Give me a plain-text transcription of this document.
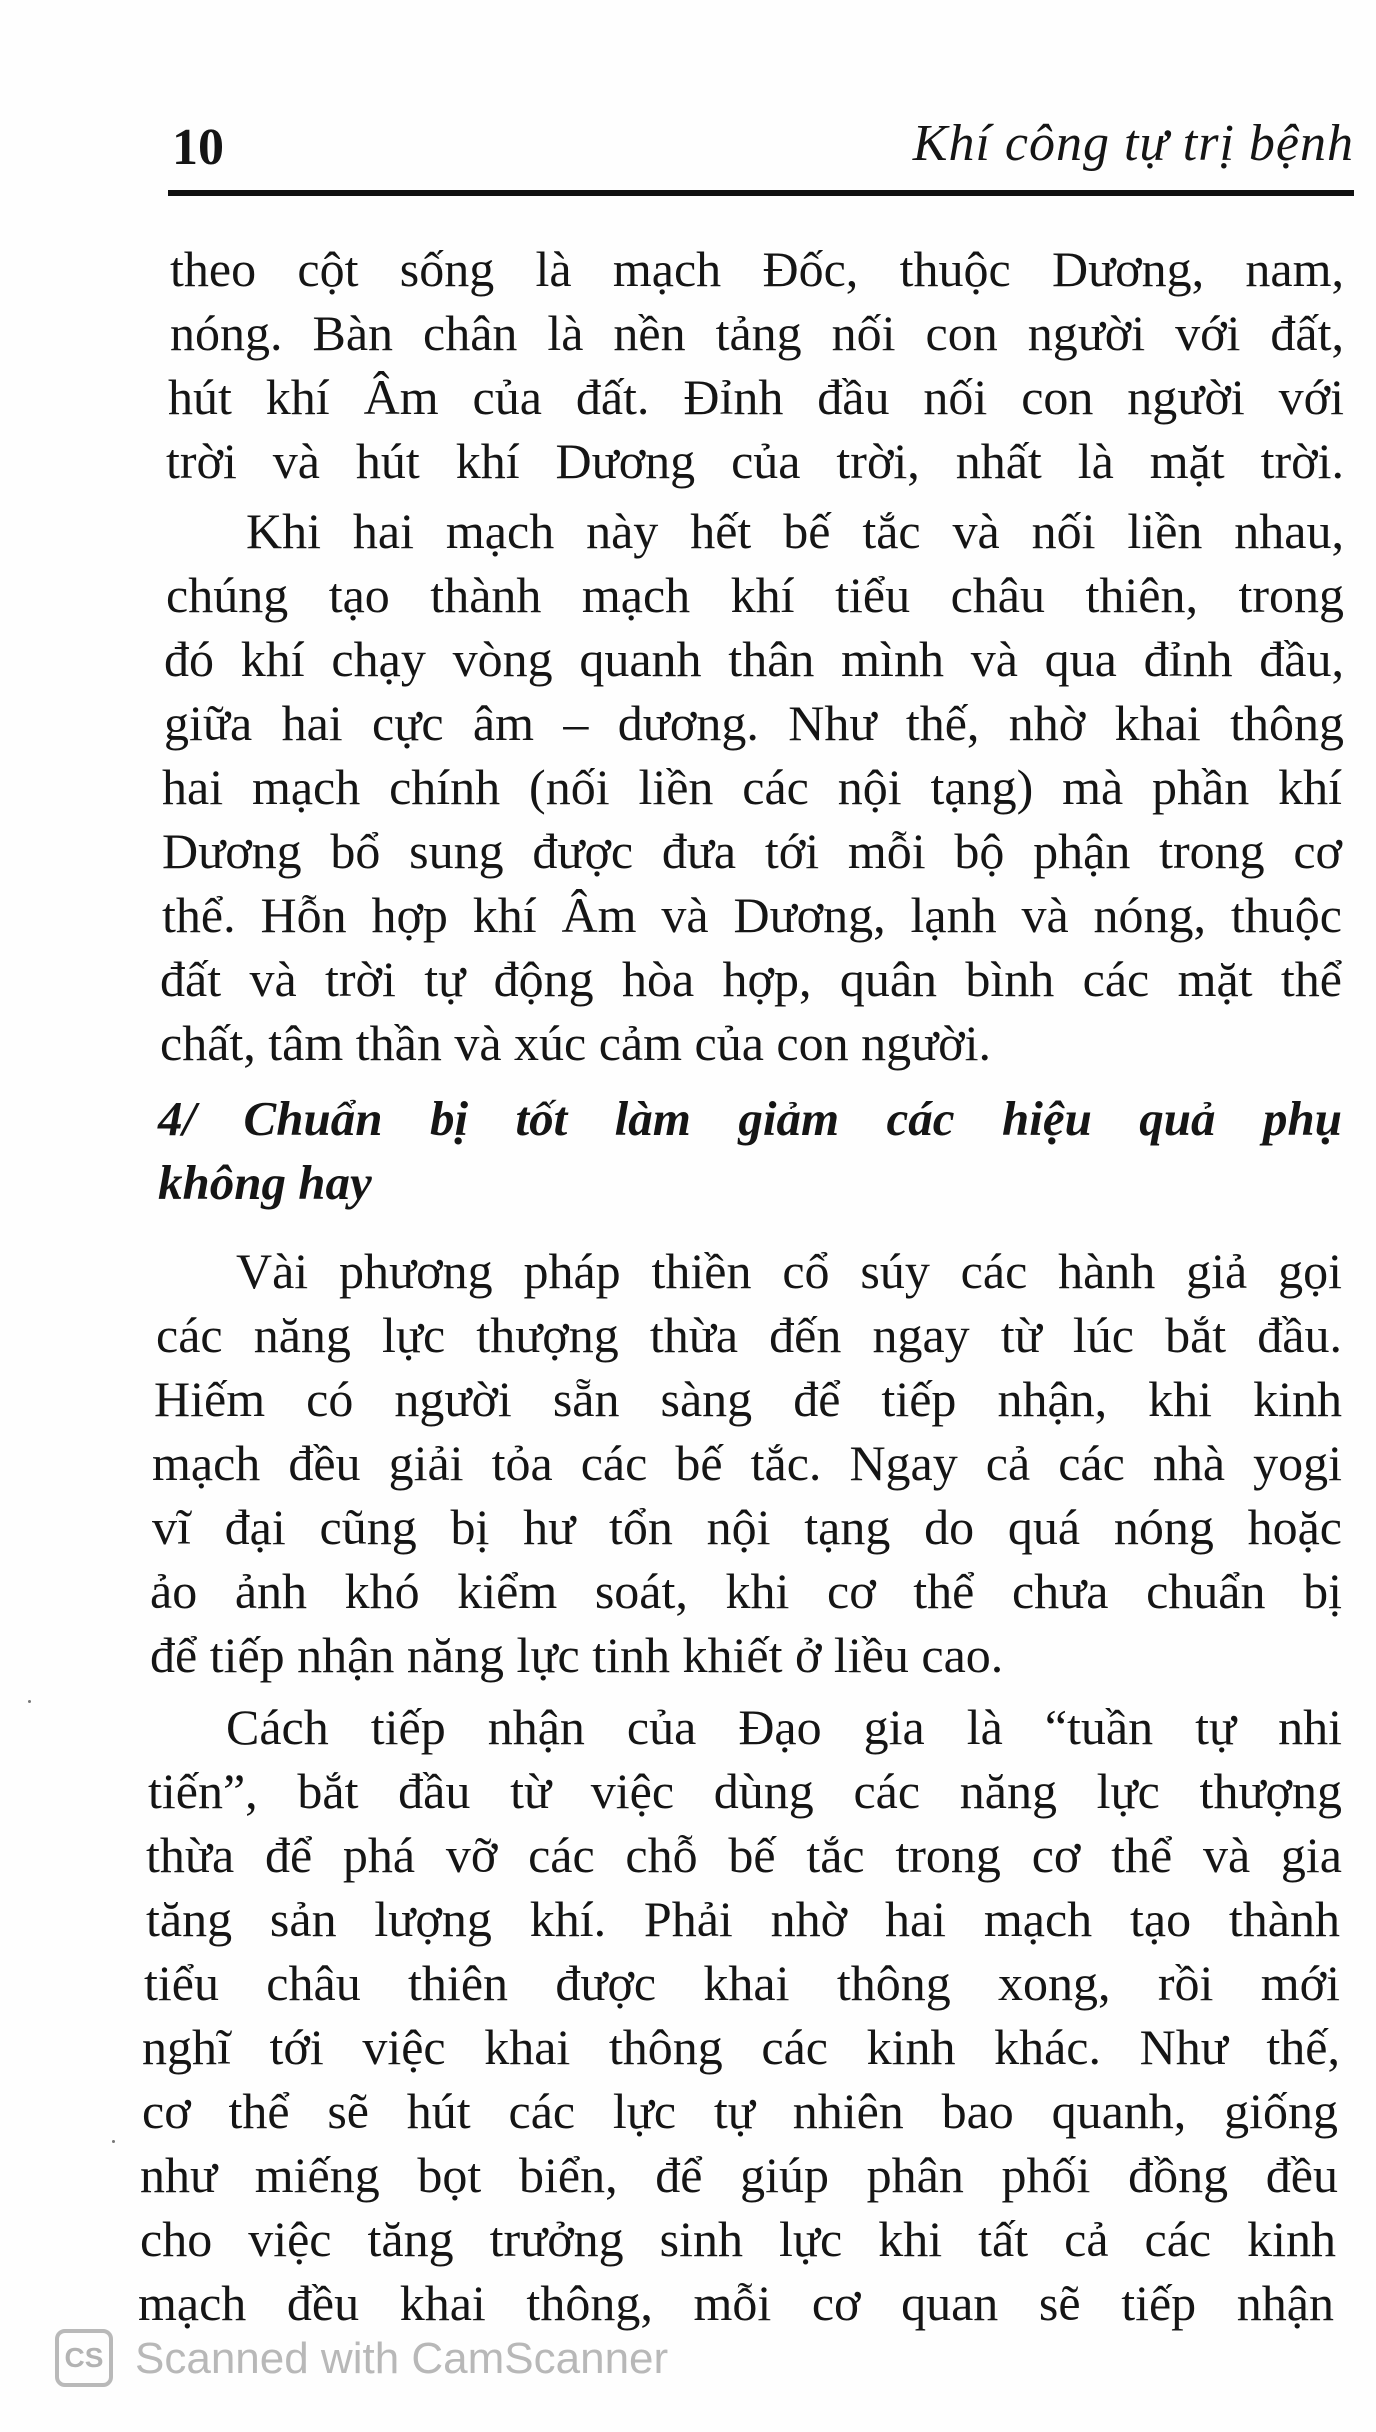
10	Khí công tự trị bệnh
theo cột sống là mạch Đốc, thuộc Dương, nam,
nóng. Bàn chân là nền tảng nối con người với đất,
hút khí Âm của đất. Đỉnh đầu nối con người với
trời và hút khí Dương của trời, nhất là mặt trời.
Khi hai mạch này hết bế tắc và nối liền nhau,
chúng tạo thành mạch khí tiểu châu thiên, trong
đó khí chạy vòng quanh thân mình và qua đỉnh đầu,
giữa hai cực âm – dương. Như thế, nhờ khai thông
hai mạch chính (nối liền các nội tạng) mà phần khí
Dương bổ sung được đưa tới mỗi bộ phận trong cơ
thể. Hỗn hợp khí Âm và Dương, lạnh và nóng, thuộc
đất và trời tự động hòa hợp, quân bình các mặt thể
chất, tâm thần và xúc cảm của con người.
4/ Chuẩn bị tốt làm giảm các hiệu quả phụ
không hay
Vài phương pháp thiền cổ súy các hành giả gọi
các năng lực thượng thừa đến ngay từ lúc bắt đầu.
Hiếm có người sẵn sàng để tiếp nhận, khi kinh
mạch đều giải tỏa các bế tắc. Ngay cả các nhà yogi
vĩ đại cũng bị hư tổn nội tạng do quá nóng hoặc
ảo ảnh khó kiểm soát, khi cơ thể chưa chuẩn bị
để tiếp nhận năng lực tinh khiết ở liều cao.
Cách tiếp nhận của Đạo gia là “tuần tự nhi
tiến”, bắt đầu từ việc dùng các năng lực thượng
thừa để phá vỡ các chỗ bế tắc trong cơ thể và gia
tăng sản lượng khí. Phải nhờ hai mạch tạo thành
tiểu châu thiên được khai thông xong, rồi mới
nghĩ tới việc khai thông các kinh khác. Như thế,
cơ thể sẽ hút các lực tự nhiên bao quanh, giống
như miếng bọt biển, để giúp phân phối đồng đều
cho việc tăng trưởng sinh lực khi tất cả các kinh
mạch đều khai thông, mỗi cơ quan sẽ tiếp nhận
CS Scanned with CamScanner
